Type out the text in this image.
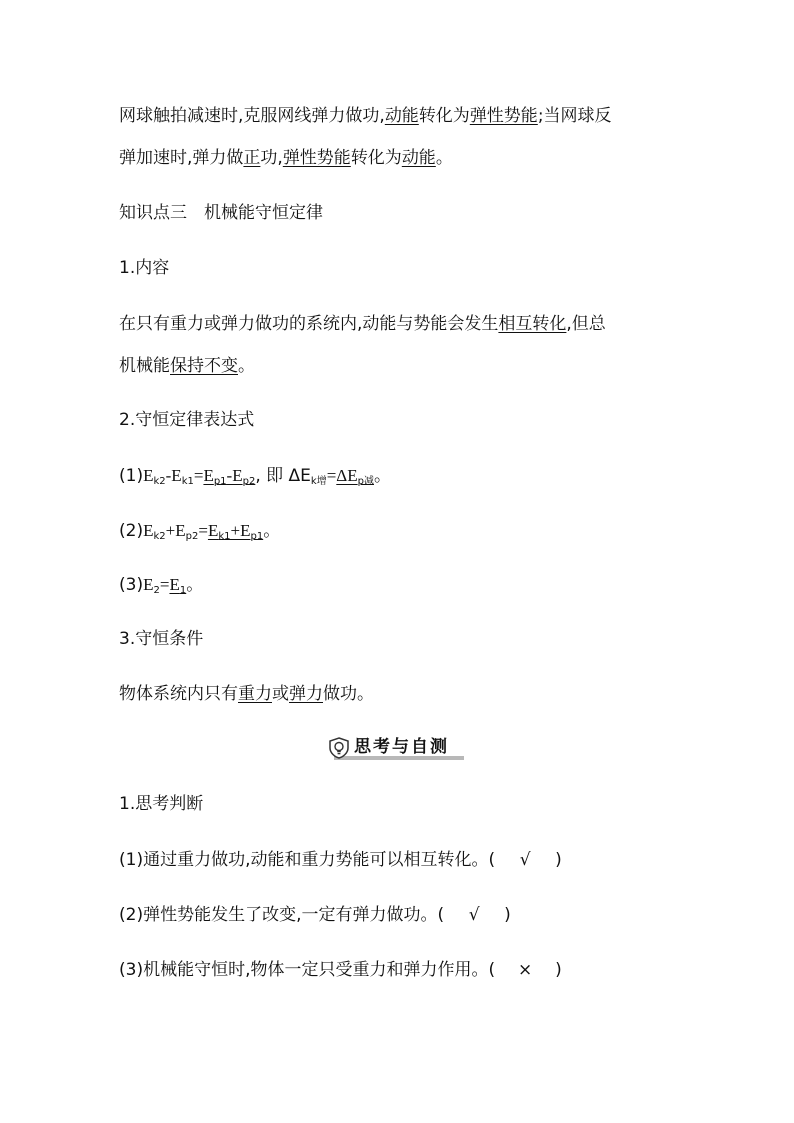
网球触拍减速时,克服网线弹力做功,动能转化为弹性势能;当网球反
弹加速时,弹力做正功,弹性势能转化为动能。
知识点三　机械能守恒定律
1.内容
在只有重力或弹力做功的系统内,动能与势能会发生相互转化,但总
机械能保持不变。
2.守恒定律表达式
$(1)E_{k2}-E_{k1}=E_{p1}-E_{p2}$, 即 $\Delta E_{k增}=\Delta E_{p减}$。
$(2)E_{k2}+E_{p2}=E_{k1}+E_{p1}$。
$(3)E_2=E_1$。
3.守恒条件
物体系统内只有重力或弹力做功。
思考与自测
1.思考判断
(1)通过重力做功,动能和重力势能可以相互转化。( √ )
(2)弹性势能发生了改变,一定有弹力做功。( √ )
(3)机械能守恒时,物体一定只受重力和弹力作用。( × )
